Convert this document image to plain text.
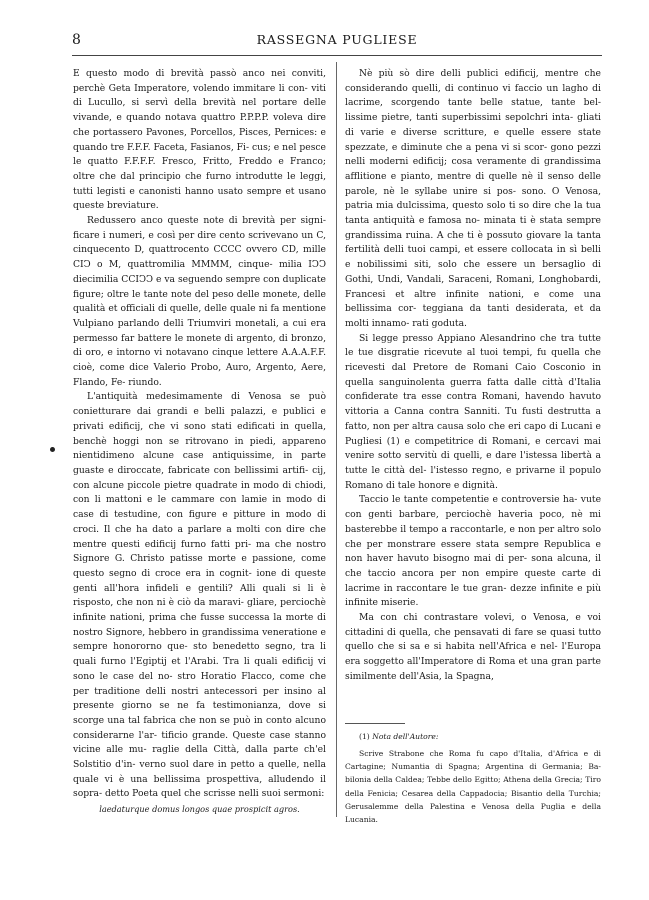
8	RASSEGNA PUGLIESE

E questo modo di brevità passò anco nei conviti, perchè Geta Imperatore, volendo immitare li con- viti di Lucullo, si servì della brevità nel portare delle vivande, e quando notava quattro P.P.P.P. voleva dire che portassero Pavones, Porcellos, Pisces, Pernices: e quando tre F.F.F. Faceta, Fasianos, Fi- cus; e nel pesce le quatto F.F.F.F. Fresco, Fritto, Freddo e Franco; oltre che dal principio che furno introdutte le leggi, tutti legisti e canonisti hanno usato sempre et usano queste breviature.

Redussero anco queste note di brevità per signi- ficare i numeri, e così per dire cento scrivevano un C, cinquecento D, quattrocento CCCC ovvero CD, mille CIↃ o M, quattromilia MMMM, cinque- milia IↃↃ diecimilia CCIↃↃ e va seguendo sempre con duplicate figure; oltre le tante note del peso delle monete, delle qualità et officiali di quelle, delle quale ni fa mentione Vulpiano parlando delli Triumviri monetali, a cui era permesso far battere le monete di argento, di bronzo, di oro, e intorno vi notavano cinque lettere A.A.A.F.F. cioè, come dice Valerio Probo, Auro, Argento, Aere, Flando, Fe- riundo.

L'antiquità medesimamente di Venosa se può conietturare dai grandi e belli palazzi, e publici e privati edificij, che vi sono stati edificati in quella, benchè hoggi non se ritrovano in piedi, appareno nientidimeno alcune case antiquissime, in parte guaste e diroccate, fabricate con bellissimi artifi- cij, con alcune piccole pietre quadrate in modo di chiodi, con li mattoni e le cammare con lamie in modo di case di testudine, con figure e pitture in modo di croci. Il che ha dato a parlare a molti con dire che mentre questi edificij furno fatti pri- ma che nostro Signore G. Christo patisse morte e passione, come questo segno di croce era in cognit- ione di queste genti all'hora infideli e gentili? Alli quali si li è risposto, che non ni è ciò da maravi- gliare, perciochè infinite nationi, prima che fusse successa la morte di nostro Signore, hebbero in grandissima veneratione e sempre honororno que- sto benedetto segno, tra li quali furno l'Egiptij et l'Arabi. Tra li quali edificij vi sono le case del no- stro Horatio Flacco, come che per traditione delli nostri antecessori per insino al presente giorno se ne fa testimonianza, dove si scorge una tal fabrica che non se può in conto alcuno considerarne l'ar- tificio grande. Queste case stanno vicine alle mu- raglie della Città, dalla parte ch'el Solstitio d'in- verno suol dare in petto a quelle, nella quale vi è una bellissima prospettiva, alludendo il sopra- detto Poeta quel che scrisse nelli suoi sermoni:

laedaturque domus longos quae prospicit agros.

Nè più sò dire delli publici edificij, mentre che considerando quelli, di continuo vi faccio un lagho di lacrime, scorgendo tante belle statue, tante bel- lissime pietre, tanti superbissimi sepolchri inta- gliati di varie e diverse scritture, e quelle essere state spezzate, e diminute che a pena vi si scor- gono pezzi nelli moderni edificij; cosa veramente di grandissima afflitione e pianto, mentre di quelle nè il senso delle parole, nè le syllabe unire si pos- sono. O Venosa, patria mia dulcissima, questo solo ti so dire che la tua tanta antiquità e famosa no- minata ti è stata sempre grandissima ruina. A che ti è possuto giovare la tanta fertilità delli tuoi campi, et essere collocata in sì belli e nobilissimi siti, solo che essere un bersaglio di Gothi, Undi, Vandali, Saraceni, Romani, Longhobardi, Francesi et altre infinite nationi, e come una bellissima cor- teggiana da tanti desiderata, et da molti innamo- rati goduta.

Si legge presso Appiano Alesandrino che tra tutte le tue disgratie ricevute al tuoi tempi, fu quella che ricevesti dal Pretore de Romani Caio Cosconio in quella sanguinolenta guerra fatta dalle città d'Italia confiderate tra esse contra Romani, havendo havuto vittoria a Canna contra Sanniti. Tu fusti destrutta a fatto, non per altra causa solo che eri capo di Lucani e Pugliesi (1) e competitrice di Romani, e cercavi mai venire sotto servitù di quelli, e dare l'istessa libertà a tutte le città del- l'istesso regno, e privarne il populo Romano di tale honore e dignità.

Taccio le tante competentie e controversie ha- vute con genti barbare, perciochè haveria poco, nè mi basterebbe il tempo a raccontarle, e non per altro solo che per monstrare essere stata sempre Republica e non haver havuto bisogno mai di per- sona alcuna, il che taccio ancora per non empire queste carte di lacrime in raccontare le tue gran- dezze infinite e più infinite miserie.

Ma con chi contrastare volevi, o Venosa, e voi cittadini di quella, che pensavati di fare se quasi tutto quello che si sa e si habita nell'Africa e nel- l'Europa era soggetto all'Imperatore di Roma et una gran parte similmente dell'Asia, la Spagna,

(1) Nota dell'Autore:

Scrive Strabone che Roma fu capo d'Italia, d'Africa e di Cartagine; Numantia di Spagna; Argentina di Germania; Ba- bilonia della Caldea; Tebbe dello Egitto; Athena della Grecia; Tiro della Fenicia; Cesarea della Cappadocia; Bisantio della Turchia; Gerusalemme della Palestina e Venosa della Puglia e della Lucania.
